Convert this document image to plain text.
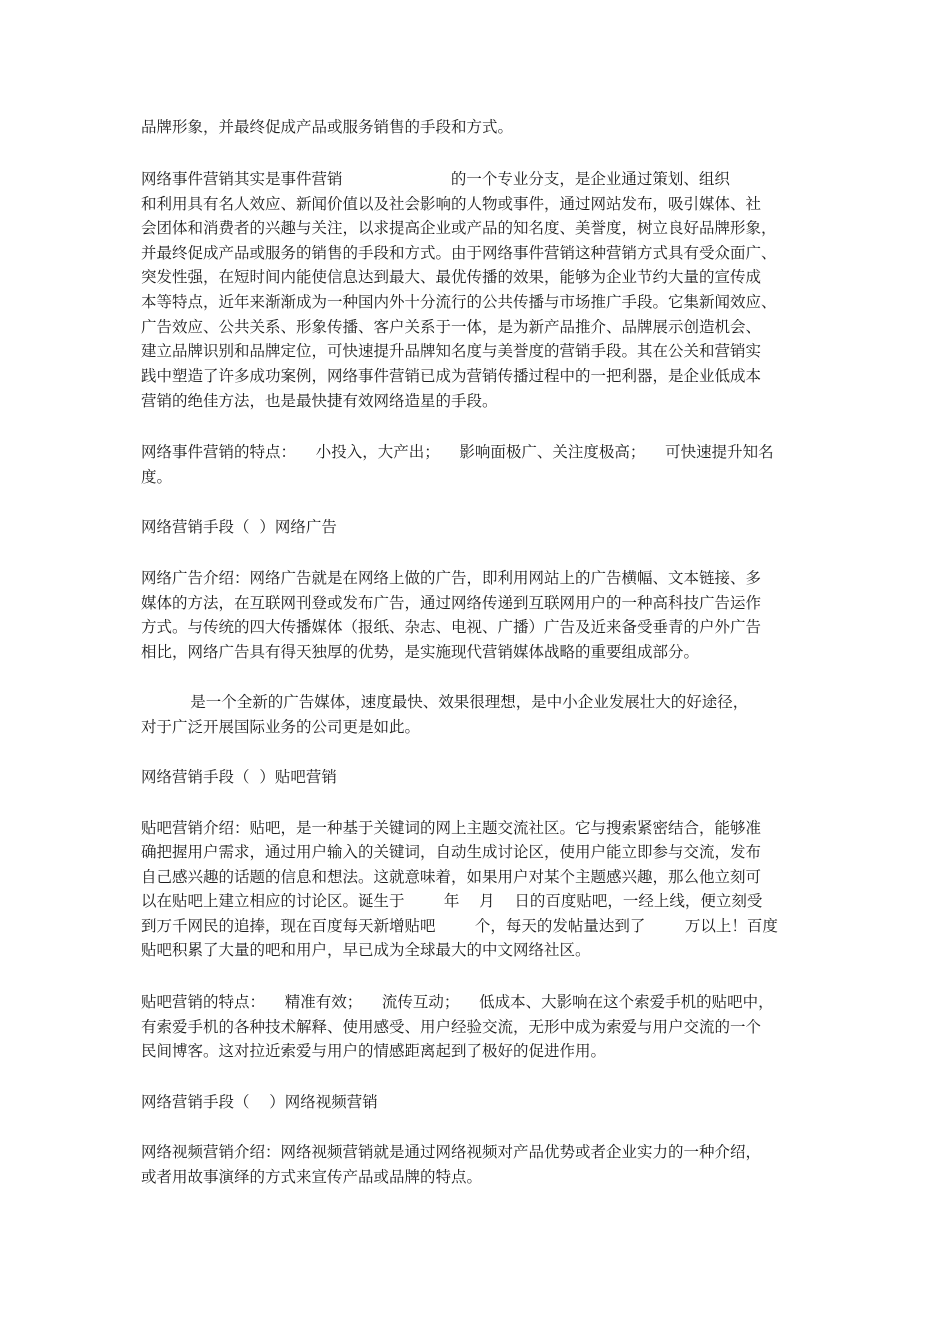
品牌形象，并最终促成产品或服务销售的手段和方式。
网络事件营销其实是事件营销                      的一个专业分支，是企业通过策划、组织
和利用具有名人效应、新闻价值以及社会影响的人物或事件，通过网站发布，吸引媒体、社
会团体和消费者的兴趣与关注，以求提高企业或产品的知名度、美誉度，树立良好品牌形象，
并最终促成产品或服务的销售的手段和方式。由于网络事件营销这种营销方式具有受众面广、
突发性强，在短时间内能使信息达到最大、最优传播的效果，能够为企业节约大量的宣传成
本等特点，近年来渐渐成为一种国内外十分流行的公共传播与市场推广手段。它集新闻效应、
广告效应、公共关系、形象传播、客户关系于一体，是为新产品推介、品牌展示创造机会、
建立品牌识别和品牌定位，可快速提升品牌知名度与美誉度的营销手段。其在公关和营销实
践中塑造了许多成功案例，网络事件营销已成为营销传播过程中的一把利器，是企业低成本
营销的绝佳方法，也是最快捷有效网络造星的手段。
网络事件营销的特点：    小投入，大产出；    影响面极广、关注度极高；    可快速提升知名
度。
网络营销手段（  ）网络广告
网络广告介绍：网络广告就是在网络上做的广告，即利用网站上的广告横幅、文本链接、多
媒体的方法，在互联网刊登或发布广告，通过网络传递到互联网用户的一种高科技广告运作
方式。与传统的四大传播媒体（报纸、杂志、电视、广播）广告及近来备受垂青的户外广告
相比，网络广告具有得天独厚的优势，是实施现代营销媒体战略的重要组成部分。
是一个全新的广告媒体，速度最快、效果很理想，是中小企业发展壮大的好途径，
对于广泛开展国际业务的公司更是如此。
网络营销手段（  ）贴吧营销
贴吧营销介绍：贴吧，是一种基于关键词的网上主题交流社区。它与搜索紧密结合，能够准
确把握用户需求，通过用户输入的关键词，自动生成讨论区，使用户能立即参与交流，发布
自己感兴趣的话题的信息和想法。这就意味着，如果用户对某个主题感兴趣，那么他立刻可
以在贴吧上建立相应的讨论区。诞生于        年    月    日的百度贴吧，一经上线，便立刻受
到万千网民的追捧，现在百度每天新增贴吧        个，每天的发帖量达到了        万以上！百度
贴吧积累了大量的吧和用户，早已成为全球最大的中文网络社区。
贴吧营销的特点：    精准有效；    流传互动；    低成本、大影响在这个索爱手机的贴吧中，
有索爱手机的各种技术解释、使用感受、用户经验交流，无形中成为索爱与用户交流的一个
民间博客。这对拉近索爱与用户的情感距离起到了极好的促进作用。
网络营销手段（    ）网络视频营销
网络视频营销介绍：网络视频营销就是通过网络视频对产品优势或者企业实力的一种介绍，
或者用故事演绎的方式来宣传产品或品牌的特点。
